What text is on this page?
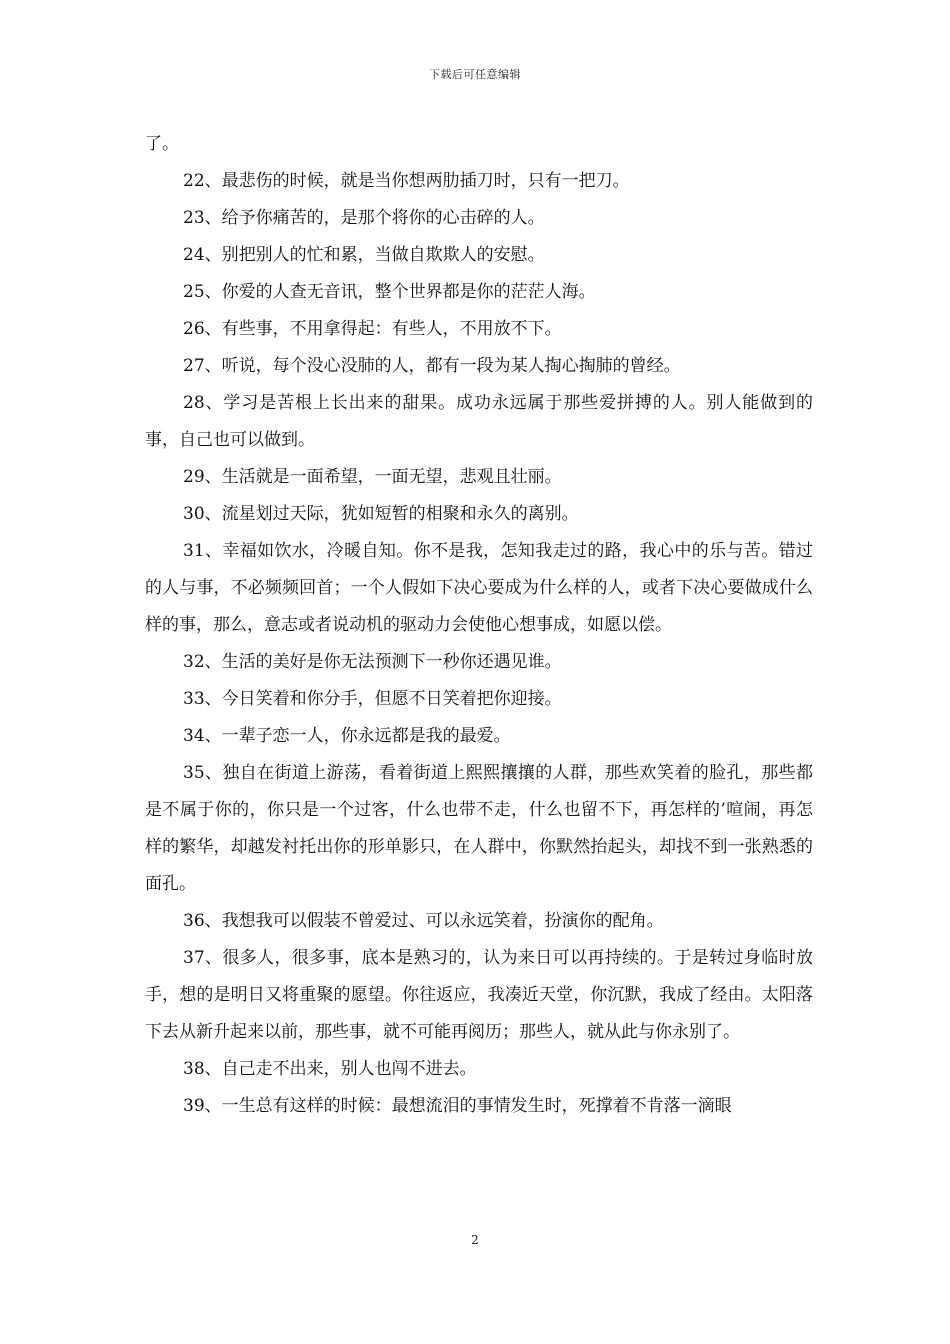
下载后可任意编辑

了。

22、最悲伤的时候，就是当你想两肋插刀时，只有一把刀。

23、给予你痛苦的，是那个将你的心击碎的人。

24、别把别人的忙和累，当做自欺欺人的安慰。

25、你爱的人查无音讯，整个世界都是你的茫茫人海。

26、有些事，不用拿得起：有些人，不用放不下。

27、听说，每个没心没肺的人，都有一段为某人掏心掏肺的曾经。

28、学习是苦根上长出来的甜果。成功永远属于那些爱拼搏的人。别人能做到的事，自己也可以做到。

29、生活就是一面希望，一面无望，悲观且壮丽。

30、流星划过天际，犹如短暂的相聚和永久的离别。

31、幸福如饮水，冷暖自知。你不是我，怎知我走过的路，我心中的乐与苦。错过的人与事，不必频频回首；一个人假如下决心要成为什么样的人，或者下决心要做成什么样的事，那么，意志或者说动机的驱动力会使他心想事成，如愿以偿。

32、生活的美好是你无法预测下一秒你还遇见谁。

33、今日笑着和你分手，但愿不日笑着把你迎接。

34、一辈子恋一人，你永远都是我的最爱。

35、独自在街道上游荡，看着街道上熙熙攘攘的人群，那些欢笑着的脸孔，那些都是不属于你的，你只是一个过客，什么也带不走，什么也留不下，再怎样的’喧闹，再怎样的繁华，却越发衬托出你的形单影只，在人群中，你默然抬起头，却找不到一张熟悉的面孔。

36、我想我可以假装不曾爱过、可以永远笑着，扮演你的配角。

37、很多人，很多事，底本是熟习的，认为来日可以再持续的。于是转过身临时放手，想的是明日又将重聚的愿望。你往返应，我凑近天堂，你沉默，我成了经由。太阳落下去从新升起来以前，那些事，就不可能再阅历；那些人，就从此与你永别了。

38、自己走不出来，别人也闯不进去。

39、一生总有这样的时候：最想流泪的事情发生时，死撑着不肯落一滴眼

2
